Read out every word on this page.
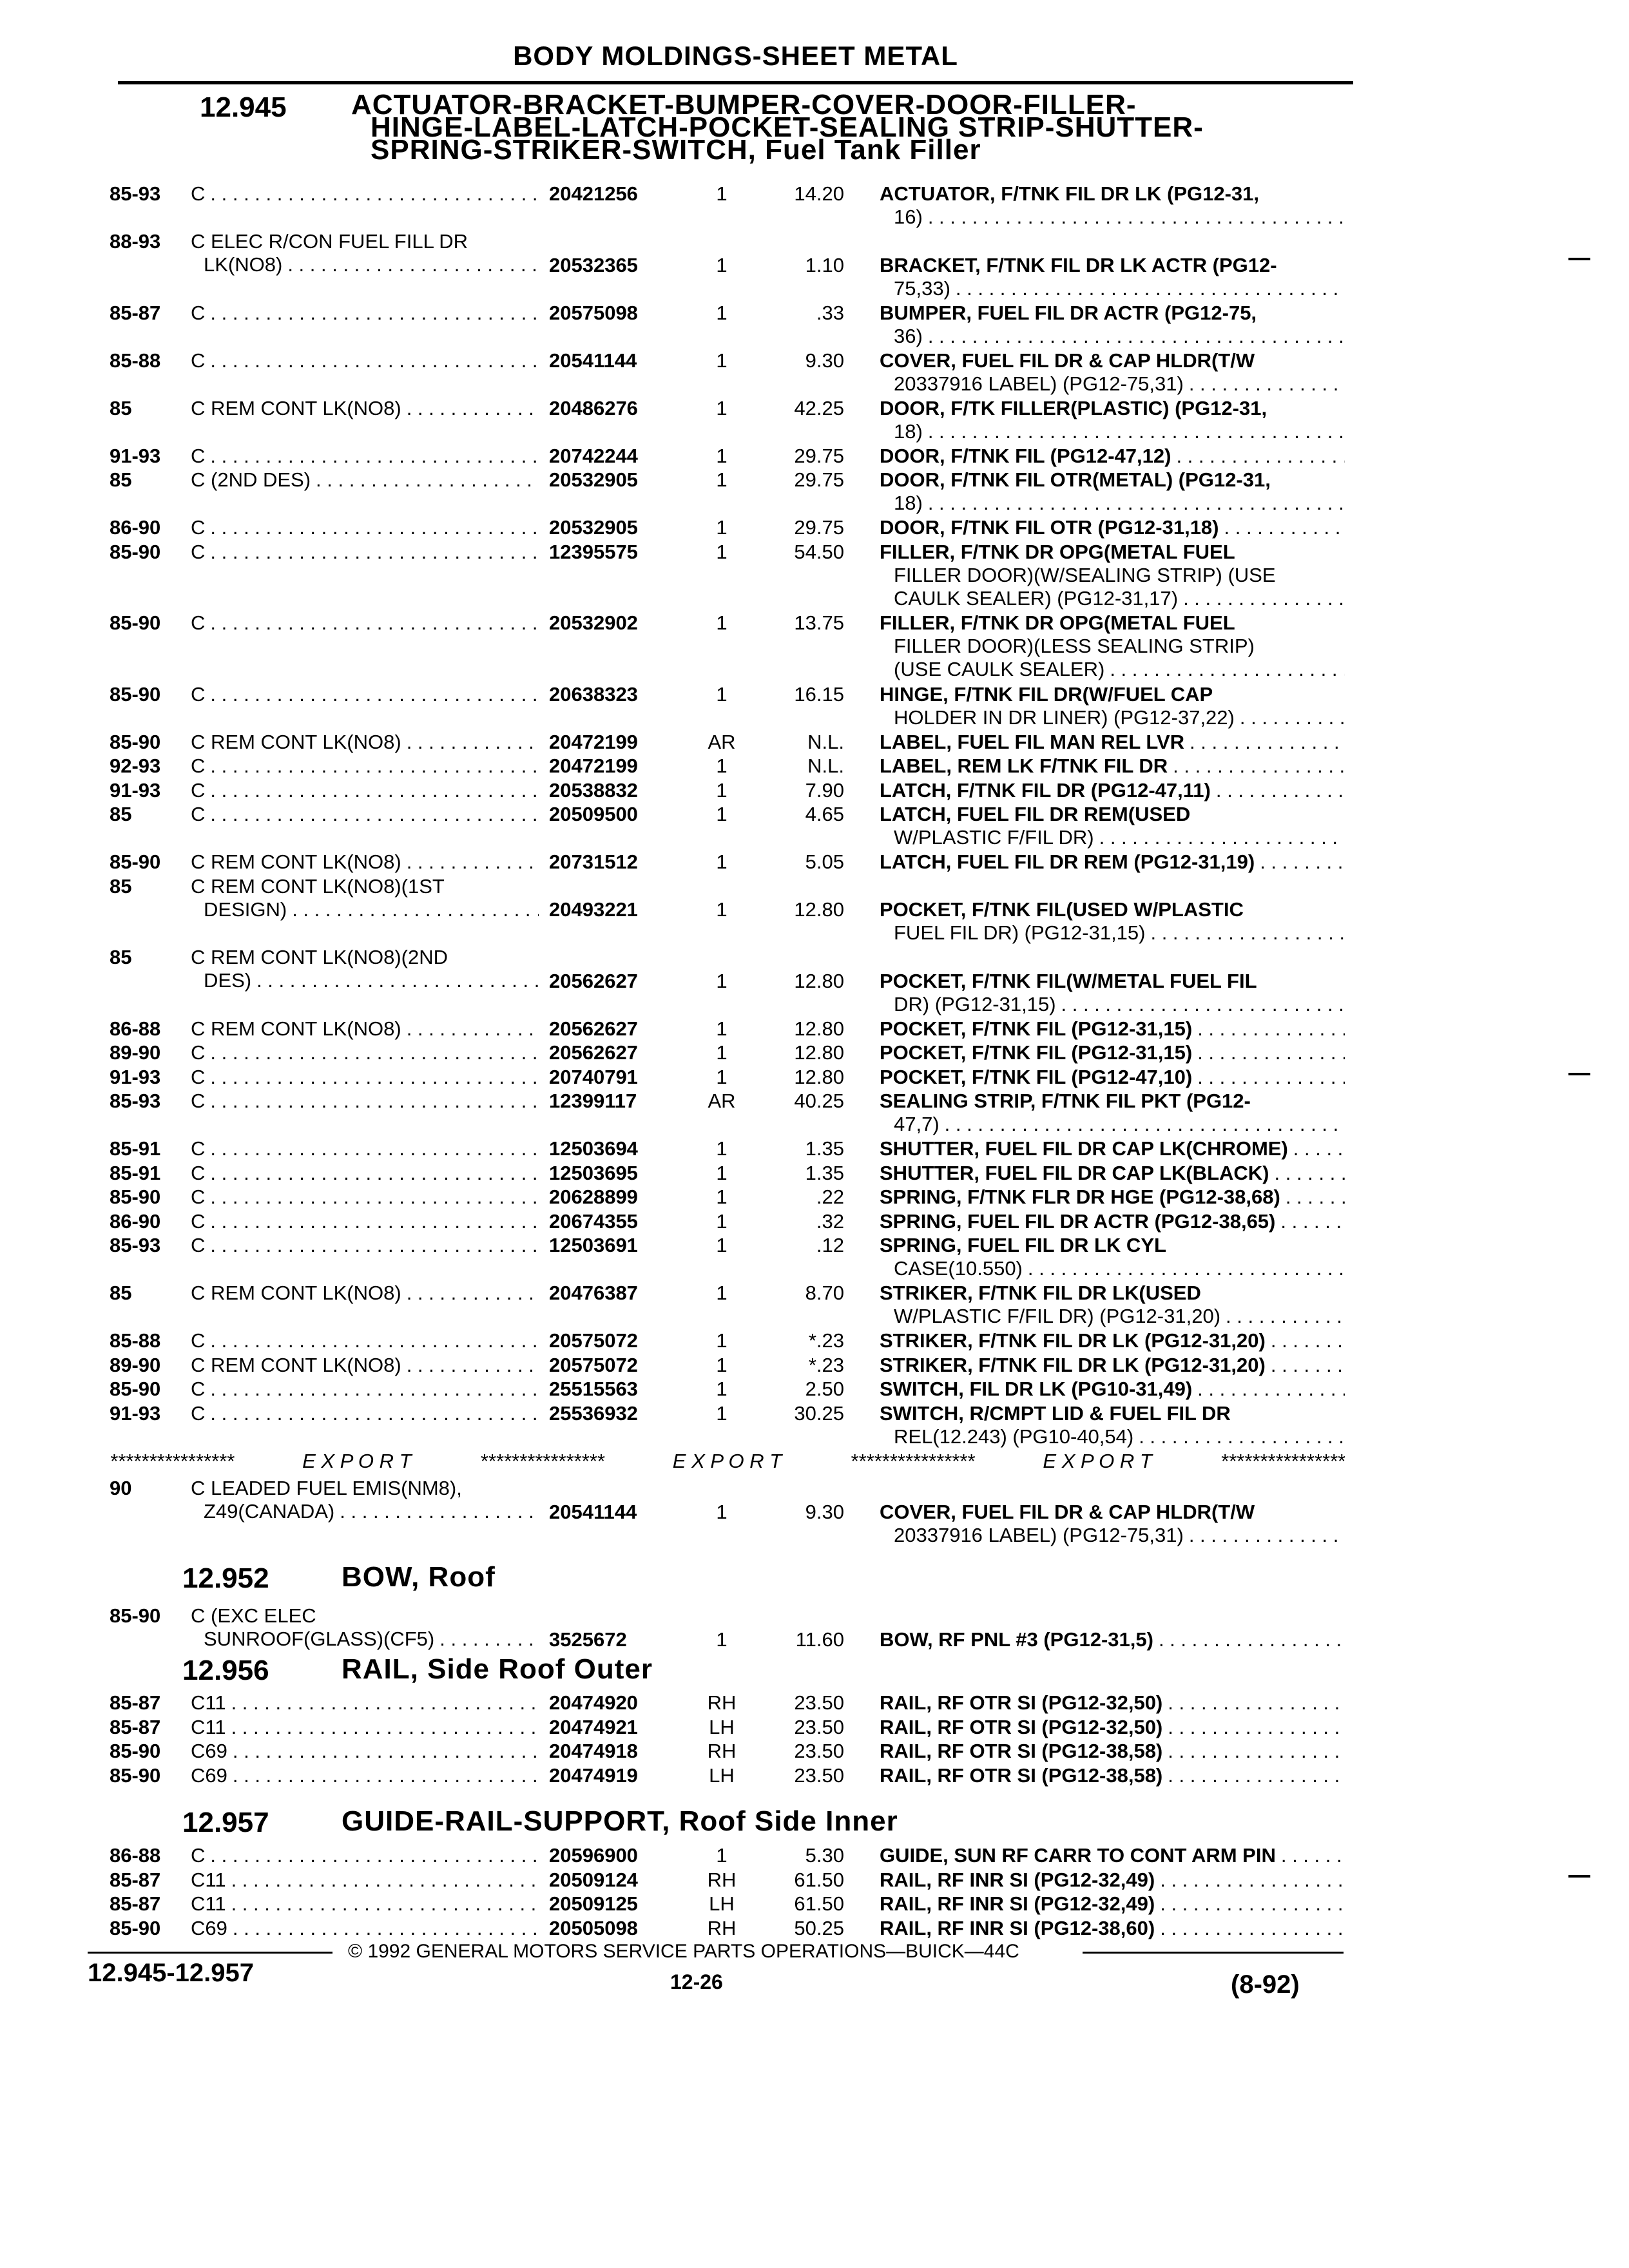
BODY MOLDINGS-SHEET METAL
12.945 ACTUATOR-BRACKET-BUMPER-COVER-DOOR-FILLER-
HINGE-LABEL-LATCH-POCKET-SEALING STRIP-SHUTTER-
SPRING-STRIKER-SWITCH, Fuel Tank Filler
85-93 C . . .	20421256	1	14.20 ACTUATOR, F/TNK FIL DR LK (PG12-31,
16)
. . .
88-93 C ELEC R/CON FUEL FILL DR
LK(NO8) . . .	20532365	1	1.10 BRACKET, F/TNK FIL DR LK ACTR (PG12-
75,33)
. . .
85-87 C . . .	20575098	1	.33 BUMPER, FUEL FIL DR ACTR (PG12-75,
36)
. . .
85-88 C . . .	20541144	1	9.30 COVER, FUEL FIL DR & CAP HLDR(T/W
20337916 LABEL) (PG12-75,31)
. . .
85	C REM CONT LK(NO8) . . .	20486276	1	42.25 DOOR, F/TK FILLER(PLASTIC) (PG12-31,
18)
. . .
91-93 C . . .	20742244	1	29.75 DOOR, F/TNK FIL (PG12-47,12)
. . .
85	C (2ND DES) . . .	20532905	1	29.75 DOOR, F/TNK FIL OTR(METAL) (PG12-31,
18)
. . .
86-90 C . . .	20532905	1	29.75 DOOR, F/TNK FIL OTR (PG12-31,18)
. . .
85-90 C . . .	12395575	1	54.50 FILLER, F/TNK DR OPG(METAL FUEL
FILLER DOOR)(W/SEALING STRIP) (USE
CAULK SEALER) (PG12-31,17)
. . .
85-90 C . . .	20532902	1	13.75 FILLER, F/TNK DR OPG(METAL FUEL
FILLER DOOR)(LESS SEALING STRIP)
(USE CAULK SEALER)
. . .
85-90 C . . .	20638323	1	16.15 HINGE, F/TNK FIL DR(W/FUEL CAP
HOLDER IN DR LINER) (PG12-37,22)
. . .
85-90 C REM CONT LK(NO8) . . .	20472199	AR	N.L. LABEL, FUEL FIL MAN REL LVR
. . .
92-93 C . . .	20472199	1	N.L. LABEL, REM LK F/TNK FIL DR
. . .
91-93 C . . .	20538832	1	7.90 LATCH, F/TNK FIL DR (PG12-47,11)
. . .
85	C . . .	20509500	1	4.65 LATCH, FUEL FIL DR REM(USED
W/PLASTIC F/FIL DR)
. . .
85-90 C REM CONT LK(NO8) . . .	20731512	1	5.05 LATCH, FUEL FIL DR REM (PG12-31,19)
. . .
85	C REM CONT LK(NO8)(1ST
DESIGN) . . .	20493221	1	12.80 POCKET, F/TNK FIL(USED W/PLASTIC
FUEL FIL DR) (PG12-31,15)
. . .
85	C REM CONT LK(NO8)(2ND
DES) . . .	20562627	1	12.80 POCKET, F/TNK FIL(W/METAL FUEL FIL
DR) (PG12-31,15)
. . .
86-88 C REM CONT LK(NO8) . . .	20562627	1	12.80 POCKET, F/TNK FIL (PG12-31,15)
. . .
89-90 C . . .	20562627	1	12.80 POCKET, F/TNK FIL (PG12-31,15)
. . .
91-93 C . . .	20740791	1	12.80 POCKET, F/TNK FIL (PG12-47,10)
. . .
85-93 C . . .	12399117	AR	40.25 SEALING STRIP, F/TNK FIL PKT (PG12-
47,7)
. . .
85-91 C . . .	12503694	1	1.35 SHUTTER, FUEL FIL DR CAP LK(CHROME)
. . .
85-91 C . . .	12503695	1	1.35 SHUTTER, FUEL FIL DR CAP LK(BLACK)
. . .
85-90 C . . .	20628899	1	.22 SPRING, F/TNK FLR DR HGE (PG12-38,68)
. . .
86-90 C . . .	20674355	1	.32 SPRING, FUEL FIL DR ACTR (PG12-38,65)
. . .
85-93 C . . .	12503691	1	.12 SPRING, FUEL FIL DR LK CYL
CASE(10.550)
. . .
85	C REM CONT LK(NO8) . . .	20476387	1	8.70 STRIKER, F/TNK FIL DR LK(USED
W/PLASTIC F/FIL DR) (PG12-31,20)
. . .
85-88 C . . .	20575072	1	*.23 STRIKER, F/TNK FIL DR LK (PG12-31,20)
. . .
89-90 C REM CONT LK(NO8) . . .	20575072	1	*.23 STRIKER, F/TNK FIL DR LK (PG12-31,20)
. . .
85-90 C . . .	25515563	1	2.50 SWITCH, FIL DR LK (PG10-31,49)
. . .
91-93 C . . .	25536932	1	30.25 SWITCH, R/CMPT LID & FUEL FIL DR
REL(12.243) (PG10-40,54)
. . .
****************	E X P O R T	****************	E X P O R T	****************	E X P O R T	****************
90	C LEADED FUEL EMIS(NM8),
Z49(CANADA) . . .	20541144	1	9.30 COVER, FUEL FIL DR & CAP HLDR(T/W
20337916 LABEL) (PG12-75,31)
. . .
12.952	BOW, Roof
85-90 C (EXC ELEC
SUNROOF(GLASS)(CF5) . . .	3525672	1	11.60 BOW, RF PNL #3 (PG12-31,5)
. . .
12.956	RAIL, Side Roof Outer
85-87 C11 . . .	20474920	RH	23.50 RAIL, RF OTR SI (PG12-32,50)
. . .
85-87 C11 . . .	20474921	LH	23.50 RAIL, RF OTR SI (PG12-32,50)
. . .
85-90 C69 . . .	20474918	RH	23.50 RAIL, RF OTR SI (PG12-38,58)
. . .
85-90 C69 . . .	20474919	LH	23.50 RAIL, RF OTR SI (PG12-38,58)
. . .
12.957	GUIDE-RAIL-SUPPORT, Roof Side Inner
86-88 C . . .	20596900	1	5.30 GUIDE, SUN RF CARR TO CONT ARM PIN
. . .
85-87 C11 . . .	20509124	RH	61.50 RAIL, RF INR SI (PG12-32,49)
. . .
85-87 C11 . . .	20509125	LH	61.50 RAIL, RF INR SI (PG12-32,49)
. . .
85-90 C69 . . .	20505098	RH	50.25 RAIL, RF INR SI (PG12-38,60)
. . .
© 1992 GENERAL MOTORS SERVICE PARTS OPERATIONS—BUICK—44C
12.945-12.957	12-26	(8-92)
